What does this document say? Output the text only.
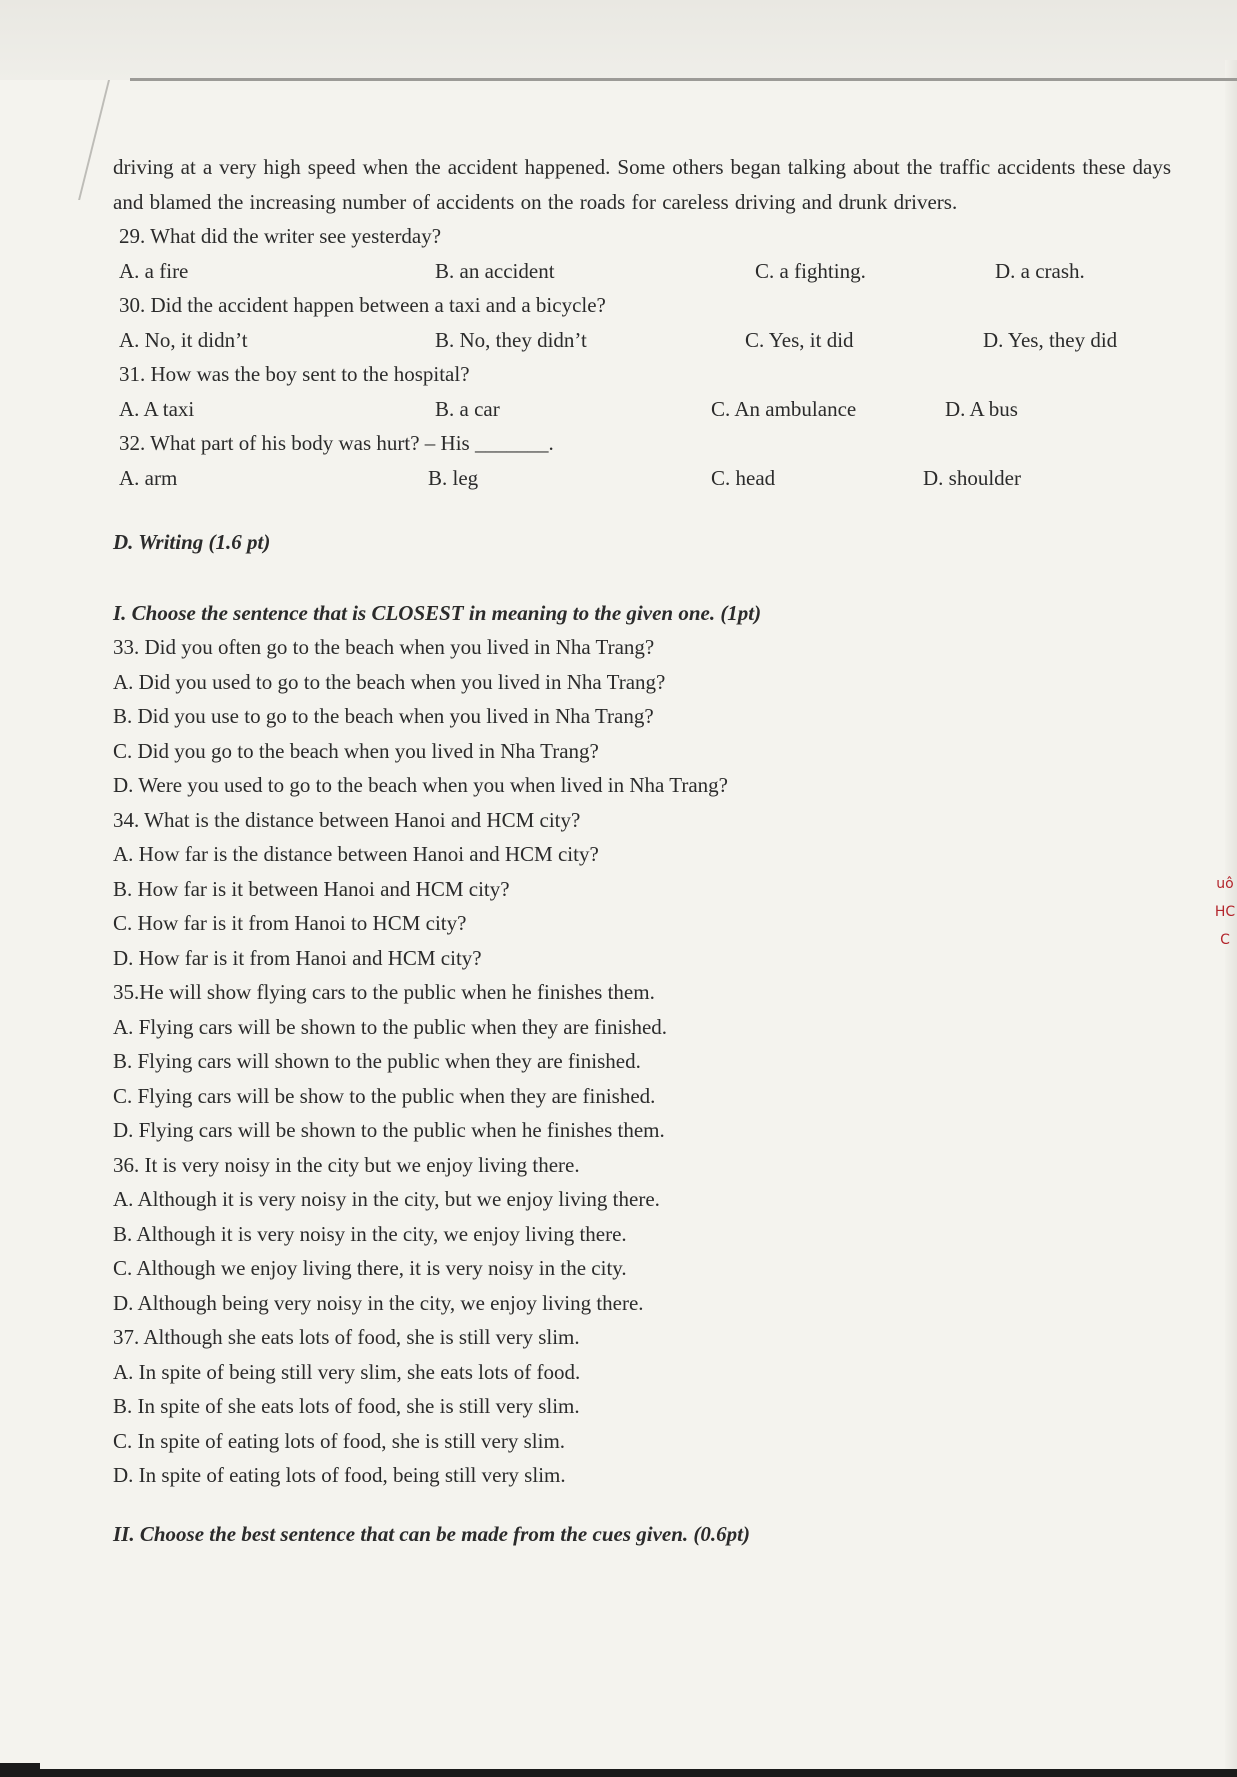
uô HC C

driving at a very high speed when the accident happened. Some others began talking about the traffic accidents these days and blamed the increasing number of accidents on the roads for careless driving and drunk drivers.

29. What did the writer see yesterday?
A. a fire	B. an accident	C. a fighting.	D. a crash.
30. Did the accident happen between a taxi and a bicycle?
A. No, it didn’t	B. No, they didn’t	C. Yes, it did	D. Yes, they did
31. How was the boy sent to the hospital?
A. A taxi	B. a car	C. An ambulance	D. A bus
32. What part of his body was hurt? – His _______.
A. arm	B. leg	C. head	D. shoulder
D. Writing (1.6 pt)
I. Choose the sentence that is CLOSEST in meaning to the given one. (1pt)
33. Did you often go to the beach when you lived in Nha Trang?
A. Did you used to go to the beach when you lived in Nha Trang?
B. Did you use to go to the beach when you lived in Nha Trang?
C. Did you go to the beach when you lived in Nha Trang?
D. Were you used to go to the beach when you when lived in Nha Trang?
34. What is the distance between Hanoi and HCM city?
A. How far is the distance between Hanoi and HCM city?
B. How far is it between Hanoi and HCM city?
C. How far is it from Hanoi to HCM city?
D. How far is it from Hanoi and HCM city?
35.He will show flying cars to the public when he finishes them.
A. Flying cars will be shown to the public when they are finished.
B. Flying cars will shown to the public when they are finished.
C. Flying cars will be show to the public when they are finished.
D. Flying cars will be shown to the public when he finishes them.
36. It is very noisy in the city but we enjoy living there.
A. Although it is very noisy in the city, but we enjoy living there.
B. Although it is very noisy in the city, we enjoy living there.
C. Although we enjoy living there, it is very noisy in the city.
D. Although being very noisy in the city, we enjoy living there.
37. Although she eats lots of food, she is still very slim.
A. In spite of being still very slim, she eats lots of food.
B. In spite of she eats lots of food, she is still very slim.
C. In spite of eating lots of food, she is still very slim.
D. In spite of eating lots of food, being still very slim.
II. Choose the best sentence that can be made from the cues given. (0.6pt)
